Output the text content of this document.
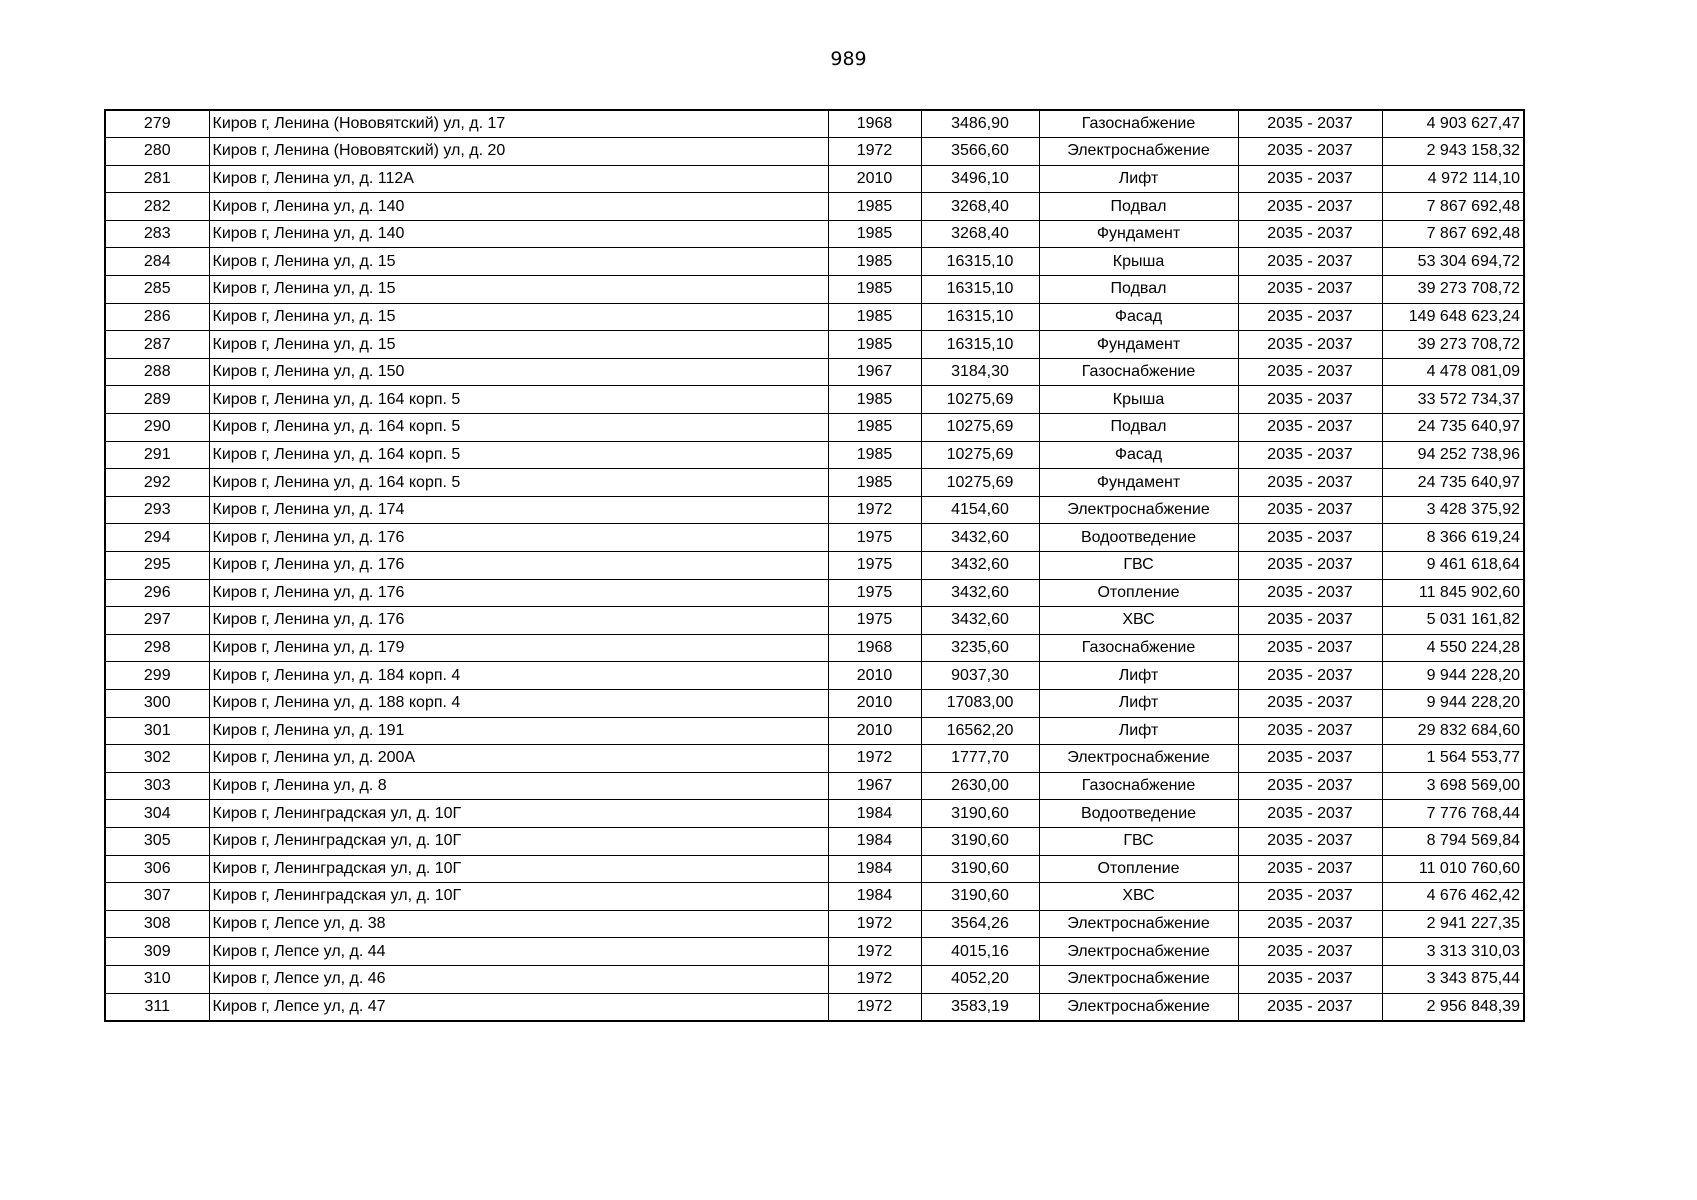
989
279	Киров г, Ленина (Нововятский) ул, д. 17	1968	3486,90	Газоснабжение	2035 - 2037	4 903 627,47
280	Киров г, Ленина (Нововятский) ул, д. 20	1972	3566,60	Электроснабжение	2035 - 2037	2 943 158,32
281	Киров г, Ленина ул, д. 112А	2010	3496,10	Лифт	2035 - 2037	4 972 114,10
282	Киров г, Ленина ул, д. 140	1985	3268,40	Подвал	2035 - 2037	7 867 692,48
283	Киров г, Ленина ул, д. 140	1985	3268,40	Фундамент	2035 - 2037	7 867 692,48
284	Киров г, Ленина ул, д. 15	1985	16315,10	Крыша	2035 - 2037	53 304 694,72
285	Киров г, Ленина ул, д. 15	1985	16315,10	Подвал	2035 - 2037	39 273 708,72
286	Киров г, Ленина ул, д. 15	1985	16315,10	Фасад	2035 - 2037	149 648 623,24
287	Киров г, Ленина ул, д. 15	1985	16315,10	Фундамент	2035 - 2037	39 273 708,72
288	Киров г, Ленина ул, д. 150	1967	3184,30	Газоснабжение	2035 - 2037	4 478 081,09
289	Киров г, Ленина ул, д. 164 корп. 5	1985	10275,69	Крыша	2035 - 2037	33 572 734,37
290	Киров г, Ленина ул, д. 164 корп. 5	1985	10275,69	Подвал	2035 - 2037	24 735 640,97
291	Киров г, Ленина ул, д. 164 корп. 5	1985	10275,69	Фасад	2035 - 2037	94 252 738,96
292	Киров г, Ленина ул, д. 164 корп. 5	1985	10275,69	Фундамент	2035 - 2037	24 735 640,97
293	Киров г, Ленина ул, д. 174	1972	4154,60	Электроснабжение	2035 - 2037	3 428 375,92
294	Киров г, Ленина ул, д. 176	1975	3432,60	Водоотведение	2035 - 2037	8 366 619,24
295	Киров г, Ленина ул, д. 176	1975	3432,60	ГВС	2035 - 2037	9 461 618,64
296	Киров г, Ленина ул, д. 176	1975	3432,60	Отопление	2035 - 2037	11 845 902,60
297	Киров г, Ленина ул, д. 176	1975	3432,60	ХВС	2035 - 2037	5 031 161,82
298	Киров г, Ленина ул, д. 179	1968	3235,60	Газоснабжение	2035 - 2037	4 550 224,28
299	Киров г, Ленина ул, д. 184 корп. 4	2010	9037,30	Лифт	2035 - 2037	9 944 228,20
300	Киров г, Ленина ул, д. 188 корп. 4	2010	17083,00	Лифт	2035 - 2037	9 944 228,20
301	Киров г, Ленина ул, д. 191	2010	16562,20	Лифт	2035 - 2037	29 832 684,60
302	Киров г, Ленина ул, д. 200А	1972	1777,70	Электроснабжение	2035 - 2037	1 564 553,77
303	Киров г, Ленина ул, д. 8	1967	2630,00	Газоснабжение	2035 - 2037	3 698 569,00
304	Киров г, Ленинградская ул, д. 10Г	1984	3190,60	Водоотведение	2035 - 2037	7 776 768,44
305	Киров г, Ленинградская ул, д. 10Г	1984	3190,60	ГВС	2035 - 2037	8 794 569,84
306	Киров г, Ленинградская ул, д. 10Г	1984	3190,60	Отопление	2035 - 2037	11 010 760,60
307	Киров г, Ленинградская ул, д. 10Г	1984	3190,60	ХВС	2035 - 2037	4 676 462,42
308	Киров г, Лепсе ул, д. 38	1972	3564,26	Электроснабжение	2035 - 2037	2 941 227,35
309	Киров г, Лепсе ул, д. 44	1972	4015,16	Электроснабжение	2035 - 2037	3 313 310,03
310	Киров г, Лепсе ул, д. 46	1972	4052,20	Электроснабжение	2035 - 2037	3 343 875,44
311	Киров г, Лепсе ул, д. 47	1972	3583,19	Электроснабжение	2035 - 2037	2 956 848,39
